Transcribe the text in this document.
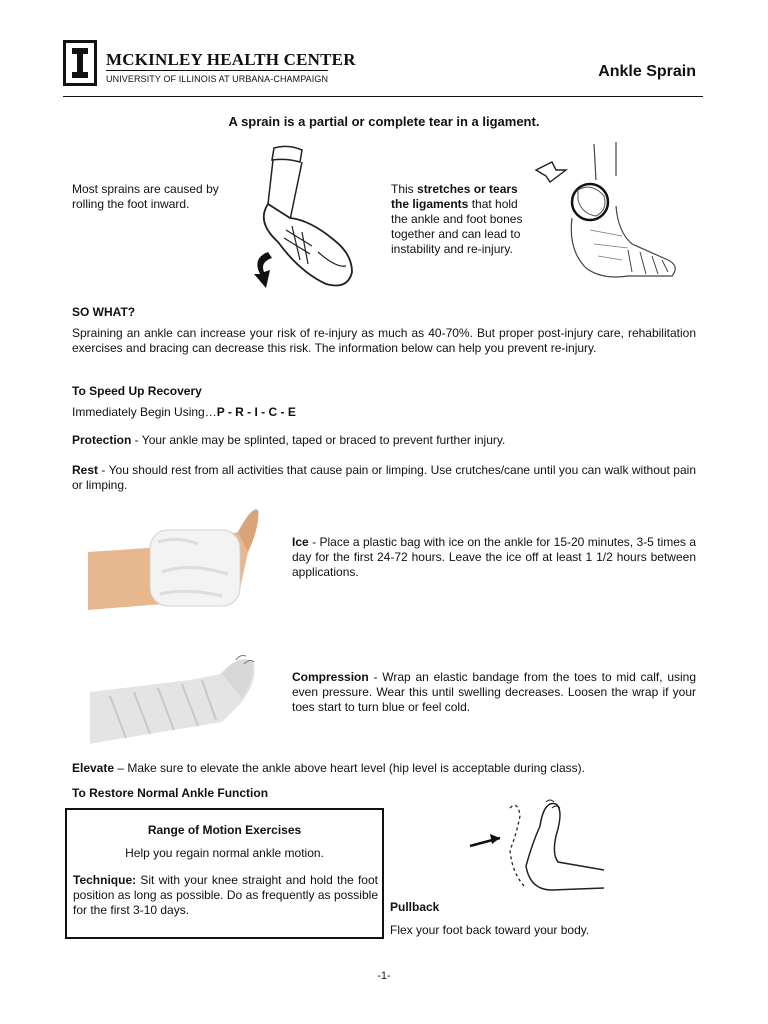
MCKINLEY HEALTH CENTER
UNIVERSITY OF ILLINOIS AT URBANA-CHAMPAIGN	Ankle Sprain
A sprain is a partial or complete tear in a ligament.
Most sprains are caused by rolling the foot inward.
This stretches or tears the ligaments that hold the ankle and foot bones together and can lead to instability and re-injury.
SO WHAT?
Spraining an ankle can increase your risk of re-injury as much as 40-70%. But proper post-injury care, rehabilitation exercises and bracing can decrease this risk. The information below can help you prevent re-injury.
To Speed Up Recovery
Immediately Begin Using…P - R - I - C - E
Protection - Your ankle may be splinted, taped or braced to prevent further injury.
Rest - You should rest from all activities that cause pain or limping. Use crutches/cane until you can walk without pain or limping.
Ice - Place a plastic bag with ice on the ankle for 15-20 minutes, 3-5 times a day for the first 24-72 hours. Leave the ice off at least 1 1/2 hours between applications.
Compression - Wrap an elastic bandage from the toes to mid calf, using even pressure. Wear this until swelling decreases. Loosen the wrap if your toes start to turn blue or feel cold.
Elevate – Make sure to elevate the ankle above heart level (hip level is acceptable during class).
To Restore Normal Ankle Function
Range of Motion Exercises
Help you regain normal ankle motion.
Technique: Sit with your knee straight and hold the foot position as long as possible. Do as frequently as possible for the first 3-10 days.	Pullback
Flex your foot back toward your body.
-1-
